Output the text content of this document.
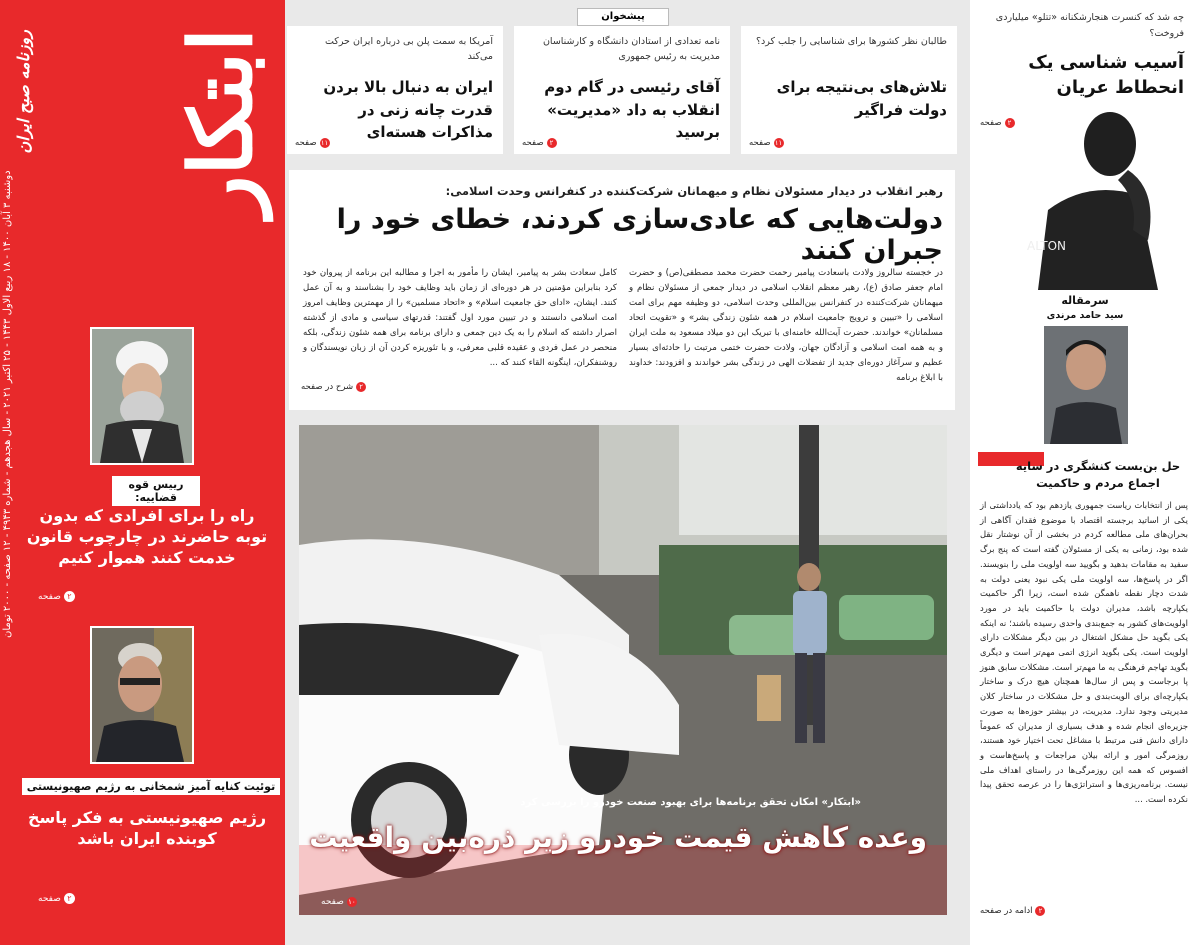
ابتکار
روزنامه صبح ایران
دوشنبه ۳ آبان ۱۴۰۰ - ۱۸ ربیع الاول ۱۴۴۳ - ۲۵ اکتبر ۲۰۲۱ - سال هجدهم - شماره ۴۹۴۳ - ۱۲ صفحه - ۲۰۰۰ تومان
رییس قوه قضاییه:
راه را برای افرادی که بدون توبه حاضرند در چارچوب قانون خدمت کنند هموار کنیم
۲
صفحه
توئیت کنایه آمیز شمخانی به رژیم صهیونیستی
رژیم صهیونیستی به فکر پاسخ کوبنده ایران باشد
۲
صفحه
پیشخوان
طالبان نظر کشورها برای شناسایی را جلب کرد؟
تلاش‌های بی‌نتیجه برای دولت فراگیر
۱۱
صفحه
نامه تعدادی از استادان دانشگاه و کارشناسان مدیریت به رئیس جمهوری
آقای رئیسی در گام دوم انقلاب به داد «مدیریت» برسید
۲
صفحه
آمریکا به سمت پلن بی درباره ایران حرکت می‌کند
ایران به دنبال بالا بردن قدرت چانه زنی در مذاکرات هسته‌ای
۱۱
صفحه
رهبر انقلاب در دیدار مسئولان نظام و میهمانان شرکت‌کننده در کنفرانس وحدت اسلامی:
دولت‌هایی که عادی‌سازی کردند، خطای خود را جبران کنند
در خجسته سالروز ولادت باسعادت پیامبر رحمت حضرت محمد مصطفی(ص) و حضرت امام جعفر صادق (ع)، رهبر معظم انقلاب اسلامی در دیدار جمعی از مسئولان نظام و میهمانان شرکت‌کننده در کنفرانس بین‌المللی وحدت اسلامی، دو وظیفه مهم برای امت اسلامی را «تبیین و ترویج جامعیت اسلام در همه شئون زندگی بشر» و «تقویت اتحاد مسلمانان» خواندند. حضرت آیت‌الله خامنه‌ای با تبریک این دو میلاد مسعود به ملت ایران و به همه امت اسلامی و آزادگان جهان، ولادت حضرت ختمی مرتبت را حادثه‌ای بسیار عظیم و سرآغاز دوره‌ای جدید از تفضلات الهی در زندگی بشر خواندند و افزودند: خداوند با ابلاغ برنامه
کامل سعادت بشر به پیامبر، ایشان را مأمور به اجرا و مطالبه این برنامه از پیروان خود کرد بنابراین مؤمنین در هر دوره‌ای از زمان باید وظایف خود را بشناسند و به آن عمل کنند. ایشان، «ادای حق جامعیت اسلام» و «اتحاد مسلمین» را از مهمترین وظایف امروز امت اسلامی دانستند و در تبیین مورد اول گفتند: قدرتهای سیاسی و مادی از گذشته اصرار داشته که اسلام را به یک دین جمعی و دارای برنامه برای همه شئون زندگی، بلکه منحصر در عمل فردی و عقیده قلبی معرفی، و با تئوریزه کردن آن از زبان نویسندگان و روشنفکران، اینگونه القاء کنند که ...
۲
شرح در صفحه
«ابتکار» امکان تحقق برنامه‌ها برای بهبود صنعت خودرو را بررسی کرد
وعده کاهش قیمت خودرو زیر ذره‌بین واقعیت
۱۰
صفحه
چه شد که کنسرت هنجارشکنانه «تتلو» میلیاردی فروخت؟
آسیب شناسی یک انحطاط عریان
۲
صفحه
ALTON
سرمقاله
سید حامد مرندی
حل بن‌بست کنشگری در سایه اجماع مردم و حاکمیت
پس از انتخابات ریاست جمهوری یازدهم بود که یادداشتی از یکی از اساتید برجسته اقتصاد با موضوع فقدان آگاهی از بحران‌های ملی مطالعه کردم در بخشی از آن نوشتار نقل شده بود، زمانی به یکی از مسئولان گفته است که پنج برگ سفید به مقامات بدهید و بگویید سه اولویت ملی را بنویسند. اگر در پاسخ‌ها، سه اولویت ملی یکی نبود یعنی دولت به شدت دچار نقطه ناهمگن شده است، زیرا اگر حاکمیت یکپارچه باشد، مدیران دولت با حاکمیت باید در مورد اولویت‌های کشور به جمع‌بندی واحدی رسیده باشند؛ نه اینکه یکی بگوید حل مشکل اشتغال در بین دیگر مشکلات دارای اولویت است. یکی بگوید انرژی اتمی مهم‌تر است و دیگری بگوید تهاجم فرهنگی به ما مهم‌تر است. مشکلات سابق هنوز پا برجاست و پس از سال‌ها همچنان هیچ درک و ساختار یکپارچه‌ای برای الویت‌بندی و حل مشکلات در ساختار کلان مدیریتی وجود ندارد. مدیریت، در بیشتر حوزه‌ها به صورت جزیره‌ای انجام شده و هدف بسیاری از مدیران که عموماً دارای دانش فنی مرتبط با مشاغل تحت اختیار خود هستند، روزمرگی امور و ارائه بیلان مراجعات و پاسخ‌هاست و افسوس که همه این روزمرگی‌ها در راستای اهداف ملی نیست. برنامه‌ریزی‌ها و استراتژی‌ها را در عرصه تحقق پیدا نکرده است. ...
۲
ادامه در صفحه
